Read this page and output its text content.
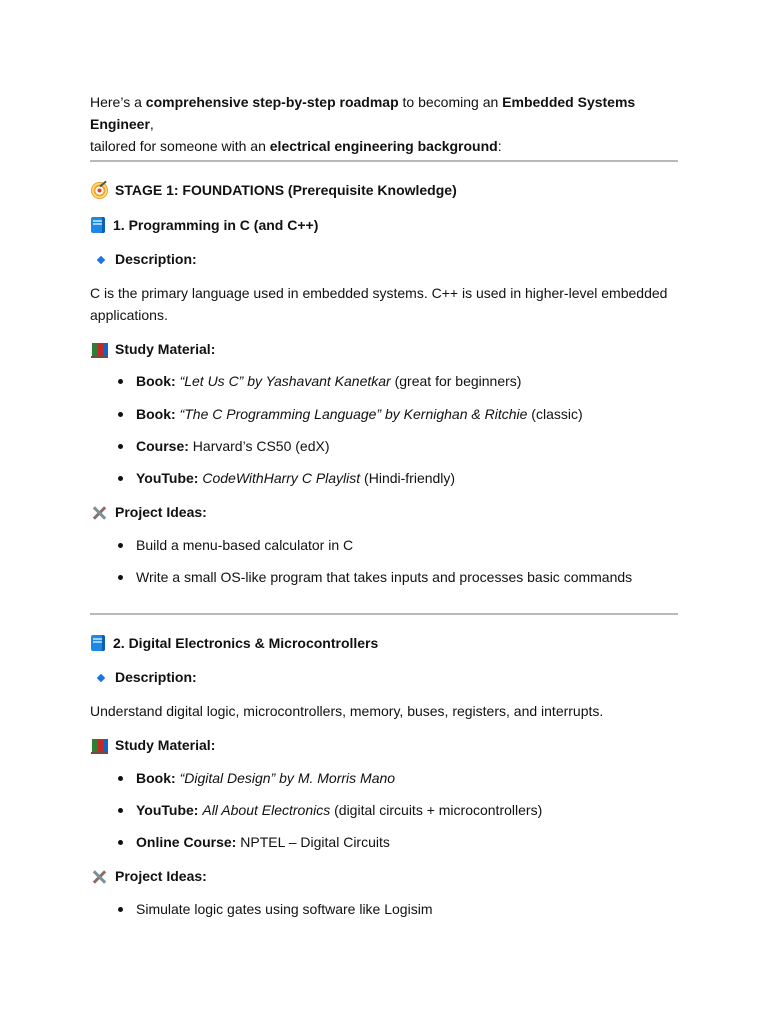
Here’s a comprehensive step-by-step roadmap to becoming an Embedded Systems Engineer,
tailored for someone with an electrical engineering background:
STAGE 1: FOUNDATIONS (Prerequisite Knowledge)
1. Programming in C (and C++)
Description:
C is the primary language used in embedded systems. C++ is used in higher-level embedded applications.
Study Material:
Book: “Let Us C” by Yashavant Kanetkar (great for beginners)
Book: “The C Programming Language” by Kernighan & Ritchie (classic)
Course: Harvard’s CS50 (edX)
YouTube: CodeWithHarry C Playlist (Hindi-friendly)
Project Ideas:
Build a menu-based calculator in C
Write a small OS-like program that takes inputs and processes basic commands
2. Digital Electronics & Microcontrollers
Description:
Understand digital logic, microcontrollers, memory, buses, registers, and interrupts.
Study Material:
Book: “Digital Design” by M. Morris Mano
YouTube: All About Electronics (digital circuits + microcontrollers)
Online Course: NPTEL – Digital Circuits
Project Ideas:
Simulate logic gates using software like Logisim
